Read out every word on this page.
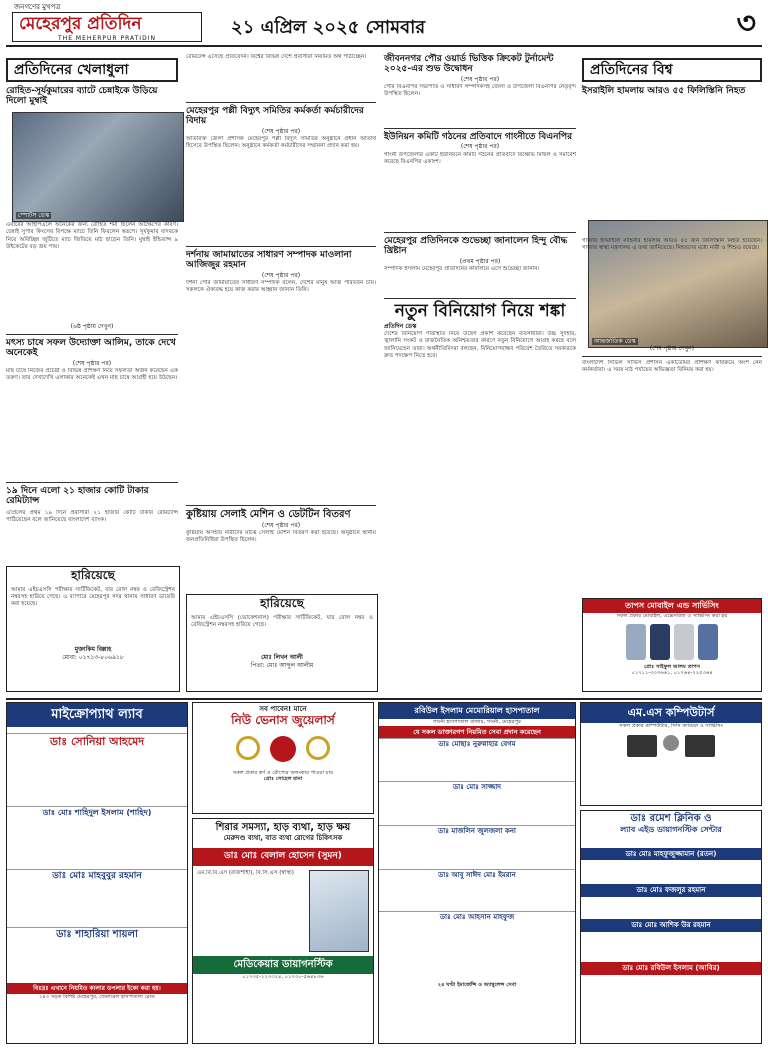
জনগণের মুখপত্র
মেহেরপুর প্রতিদিন
THE MEHERPUR PRATIDIN
২১ এপ্রিল ২০২৫ সোমবার	৩
প্রতিদিনের খেলাধুলা	প্রতিদিনের বিশ্ব
রোহিত-সূর্যকুমারের ব্যাটে চেন্নাইকে উড়িয়ে দিলো মুম্বাই
স্পোর্টস ডেস্ক
এবারের আইপিএলে অনেকের জন্য রোহিত শর্মা ছিলেন আক্ষেপের কারণ। চেন্নাই সুপার কিংসের বিপক্ষে ম্যাচে তিনি ফিরলেন স্বরূপে। সূর্যকুমার যাদবকে নিয়ে অবিচ্ছিন্ন জুটিতে ম্যাচ জিতিয়ে মাঠ ছাড়েন তিনি। মুম্বাই ইন্ডিয়ান্স ৯ উইকেটের বড় জয় পায়।
(৬ষ্ঠ পৃষ্ঠায় দেখুন)
মৎস্য চাষে সফল উদ্যোক্তা আলিম, তাকে দেখে অনেকেই
(শেষ পৃষ্ঠার পর)
মাছ চাষে নিজের প্রচেষ্টা ও বিভিন্ন প্রশিক্ষণ নিয়ে সফলতা অর্জন করেছেন এক তরুণ। তার দেখাদেখি এলাকার অনেকেই এখন মাছ চাষে আগ্রহী হয়ে উঠছেন।
১৯ দিনে এলো ২১ হাজার কোটি টাকার রেমিট্যান্স
এপ্রিলের প্রথম ১৯ দিনে প্রবাসীরা ২১ হাজার কোটি টাকার রেমিট্যান্স পাঠিয়েছেন বলে জানিয়েছে বাংলাদেশ ব্যাংক।
হারিয়েছে
আমার এইচএসসি পরীক্ষার সার্টিফিকেট, যার রোল নম্বর ও রেজিস্ট্রেশন নম্বরসহ হারিয়ে গেছে। এ ব্যাপারে মেহেরপুর সদর থানায় সাধারণ ডায়েরি করা হয়েছে।
মুক্তাকিম বিল্লাহ
মোবা: ০১৭১৩-৮০৬৯১৮
রেমিটেন্স এসেছে প্রতিবেদন। বিশ্বের বিভিন্ন দেশে প্রবাসীরা নিয়মিত অর্থ পাঠাচ্ছেন।
মেহেরপুর পল্লী বিদ্যুৎ সমিতির কর্মকর্তা কর্মচারীদের বিদায়
(শেষ পৃষ্ঠার পর)
অতিরিক্ত জেলা প্রশাসক মেহেরপুর পল্লী বিদ্যুৎ সমিতির অনুষ্ঠানে প্রধান অতিথি হিসেবে উপস্থিত ছিলেন। অনুষ্ঠানে কর্মকর্তা কর্মচারীদের সম্মাননা প্রদান করা হয়।
দর্শনায় জামায়াতের সাধারণ সম্পাদক মাওলানা আজিজুর রহমান
(শেষ পৃষ্ঠার পর)
দর্শনা পৌর জামায়াতের সাধারণ সম্পাদক বলেন, দেশের মানুষ আজ পরিবর্তন চায়। সকলকে ঐক্যবদ্ধ হয়ে কাজ করার আহ্বান জানান তিনি।
কুষ্টিয়ায় সেলাই মেশিন ও ডেটটিন বিতরণ
(শেষ পৃষ্ঠার পর)
কুষ্টিয়ায় অসহায় নারীদের মাঝে সেলাই মেশিন বিতরণ করা হয়েছে। অনুষ্ঠানে স্থানীয় জনপ্রতিনিধিরা উপস্থিত ছিলেন।
হারিয়েছে
আমার এইচএসসি (ভোকেশনাল) পরীক্ষার সার্টিফিকেট, যার রোল নম্বর ও রেজিস্ট্রেশন নম্বরসহ হারিয়ে গেছে।
মোঃ লিখন আলী
পিতা: মোঃ আব্দুল আলীম
জীবননগর পৌর ওয়ার্ড ভিত্তিক ক্রিকেট টুর্নামেন্ট ২০২৫-এর শুভ উদ্বোধন
(শেষ পৃষ্ঠার পর)
পৌর বিএনপির সভাপতি ও সাধারণ সম্পাদকসহ জেলা ও উপজেলা বিএনপির নেতৃবৃন্দ উপস্থিত ছিলেন।
ইউনিয়ন কমিটি গঠনের প্রতিবাদে গাংনীতে বিএনপির
(শেষ পৃষ্ঠার পর)
গাংনী উপজেলার একটি ইউনিয়নে কমিটি গঠনের প্রতিবাদে বিক্ষোভ মিছিল ও সমাবেশ করেছে বিএনপির একাংশ।
মেহেরপুর প্রতিদিনকে শুভেচ্ছা জানালেন হিন্দু বৌদ্ধ খ্রিষ্টান
(প্রথম পৃষ্ঠার পর)
সম্পাদক ইসলাম মেহেরপুর প্রতিদিনের কার্যালয়ে এসে শুভেচ্ছা জানান।
নতুন বিনিয়োগ নিয়ে শঙ্কা
প্রতিদিন ডেস্ক
দেশের বিনিয়োগ পরিস্থিতি নিয়ে উদ্বেগ প্রকাশ করেছেন ব্যবসায়ীরা। উচ্চ সুদহার, জ্বালানি সংকট ও রাজনৈতিক অনিশ্চয়তার কারণে নতুন বিনিয়োগে আগ্রহ কমছে বলে জানিয়েছেন তারা। অর্থনীতিবিদরা বলছেন, বিনিয়োগবান্ধব পরিবেশ তৈরিতে সরকারকে দ্রুত পদক্ষেপ নিতে হবে।
ইসরাইলি হামলায় আরও ৫৫ ফিলিস্তিনি নিহত
আন্তর্জাতিক ডেস্ক
গাজায় ইসরাইলি বাহিনীর হামলায় আরও ৫৫ জন ফিলিস্তিনি নিহত হয়েছেন। গাজার স্বাস্থ্য মন্ত্রণালয় এ তথ্য জানিয়েছে। নিহতদের মধ্যে নারী ও শিশুও রয়েছে।
(শেষ পৃষ্ঠায় দেখুন)
বাংলাদেশ সিভিল সার্ভিস প্রশাসন একাডেমির প্রশিক্ষণ কার্যক্রমে অংশ নেন কর্মকর্তারা। এ সময় মাঠ পর্যায়ের অভিজ্ঞতা বিনিময় করা হয়।
তাপস মোবাইল এন্ড সার্ভিসিং
সকল প্রকার মোবাইল, এক্সেসরিজ ও সার্ভিসিং করা হয়
প্রোঃ সাইফুল আলম তাপস
০১৭১১-৩৩৩৬৬১, ০১৭৬৪-২২৫৩৬৪
মাইক্রোপ্যাথ ল্যাব
ডাঃ সোনিয়া আহমেদ
ডাঃ মোঃ শাহিদুল ইসলাম (শাহিদ)
ডাঃ মোঃ মাহবুবুর রহমান
ডাঃ শাহারিয়া শায়লা
বিঃদ্রঃ এখানে নিয়মিত কালার ডপলার ইকো করা হয়।
২৪৩ সড়ক বিশিষ্ট মেহেরপুর, জেনারেল হাসপাতাল রোড
সব পাবেন! মানে
নিউ ভেনাস জুয়েলার্স
সকল প্রকার স্বর্ণ ও রৌপ্যের অলংকার পাওয়া যায়
প্রোঃ সোহেল রানা
শিরার সমস্যা, হাড় ব্যথা, হাড় ক্ষয়
মেরুদণ্ড ব্যথা, বাত ব্যথা রোগের চিকিৎসক
ডাঃ মোঃ বেলাল হোসেন (সুমন)
এম.বি.বি.এস (রাজশাহী), বি.সি.এস (স্বাস্থ্য)
মেডিকেয়ার ডায়াগনস্টিক
০১৭৩৫-২২৩৩২৪, ০১৭৩০-৫৬৪৮৩৬
রবিউল ইসলাম মেমোরিয়াল হাসপাতাল
গাংনী হাসপাতাল বাজার, গাংনী, মেহেরপুর
যে সকল ডাক্তারগণ নিয়মিত সেবা প্রদান করেছেন
ডাঃ মোছাঃ নুরুন্নাহার বেগম
ডাঃ মোঃ সাজ্জাদ
ডাঃ মাজলিন জুলজলা কনা
ডাঃ আবু সাঈদ মোঃ ইমরান
ডাঃ মোঃ আহসান মাহফুজ
২৪ ঘণ্টা ইমার্জেন্সি ও অ্যাম্বুলেন্স সেবা
এম.এস কম্পিউটার্স
সকল প্রকার কম্পিউটার, সিসি ক্যামেরা ও সার্ভিসিং
ডাঃ রমেশ ক্লিনিক ও
ল্যাব এইড ডায়াগনস্টিক সেন্টার
ডাঃ মোঃ মাহফুজুজ্জামান (রতন)
ডাঃ মোঃ ফজলুর রহমান
ডাঃ মোঃ আশিক উর রহমান
ডাঃ মোঃ রবিউল ইসলাম (আবির)
